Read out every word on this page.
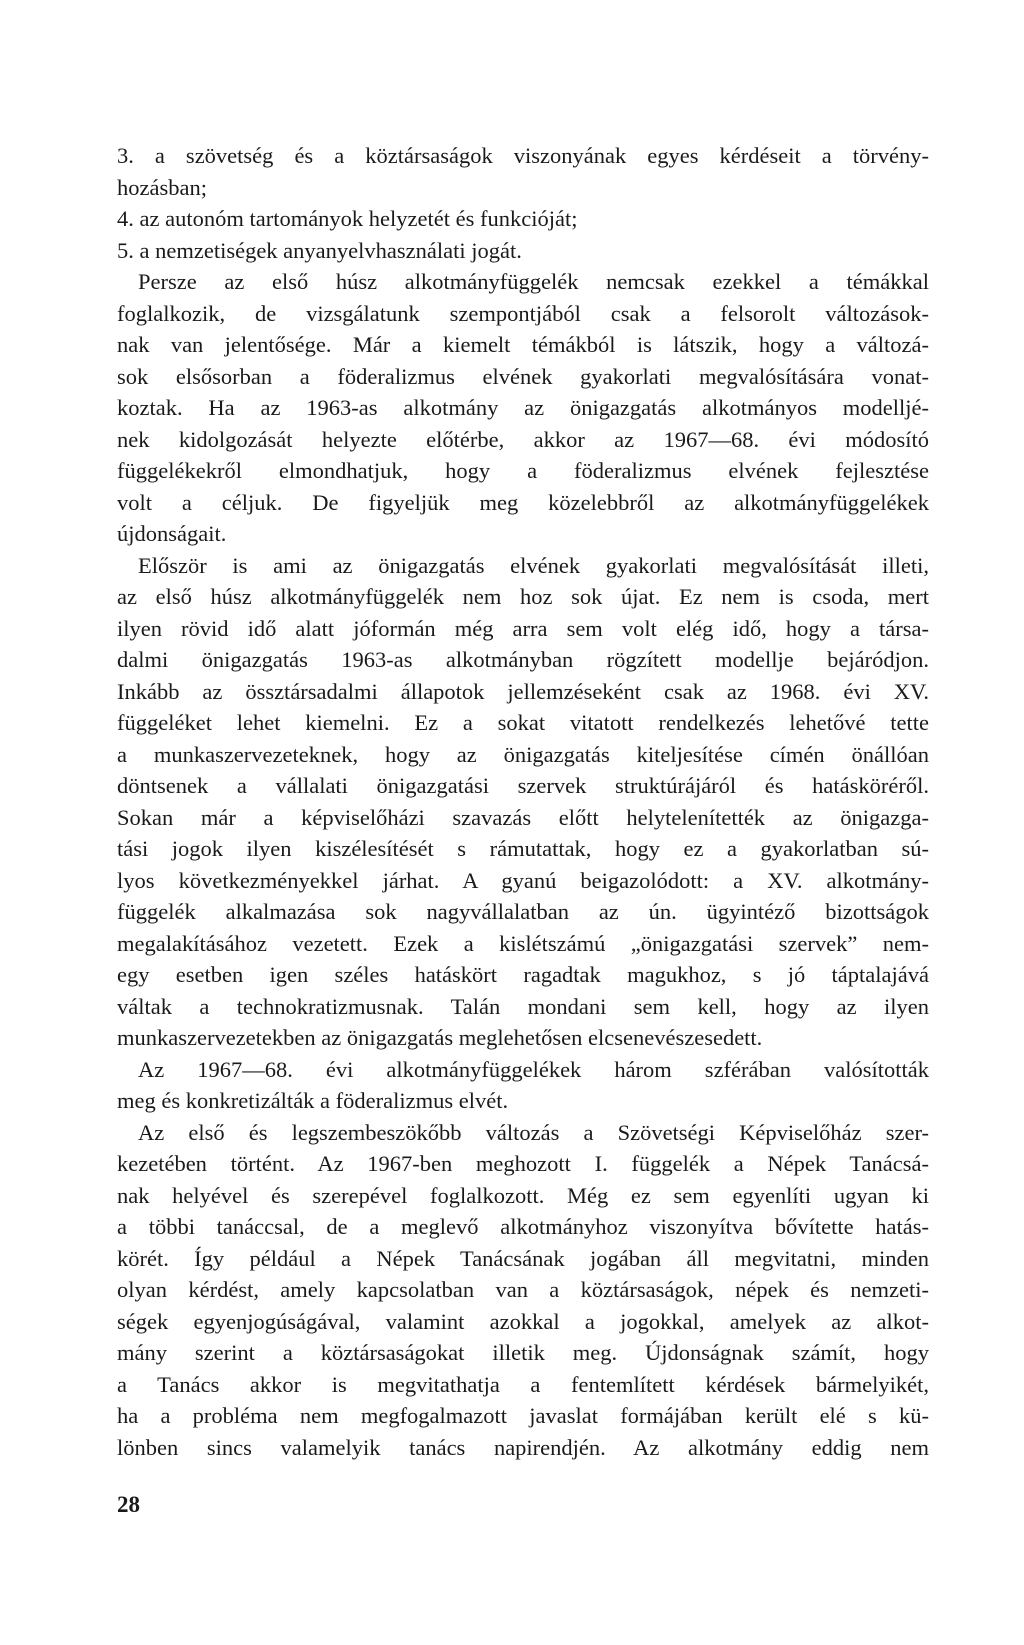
3. a szövetség és a köztársaságok viszonyának egyes kérdéseit a törvény-
hozásban;
4. az autonóm tartományok helyzetét és funkcióját;
5. a nemzetiségek anyanyelvhasználati jogát.
Persze az első húsz alkotmányfüggelék nemcsak ezekkel a témákkal
foglalkozik, de vizsgálatunk szempontjából csak a felsorolt változások-
nak van jelentősége. Már a kiemelt témákból is látszik, hogy a változá-
sok elsősorban a föderalizmus elvének gyakorlati megvalósítására vonat-
koztak. Ha az 1963-as alkotmány az önigazgatás alkotmányos modelljé-
nek kidolgozását helyezte előtérbe, akkor az 1967—68. évi módosító
függelékekről elmondhatjuk, hogy a föderalizmus elvének fejlesztése
volt a céljuk. De figyeljük meg közelebbről az alkotmányfüggelékek
újdonságait.
Először is ami az önigazgatás elvének gyakorlati megvalósítását illeti,
az első húsz alkotmányfüggelék nem hoz sok újat. Ez nem is csoda, mert
ilyen rövid idő alatt jóformán még arra sem volt elég idő, hogy a társa-
dalmi önigazgatás 1963-as alkotmányban rögzített modellje bejáródjon.
Inkább az össztársadalmi állapotok jellemzéseként csak az 1968. évi XV.
függeléket lehet kiemelni. Ez a sokat vitatott rendelkezés lehetővé tette
a munkaszervezeteknek, hogy az önigazgatás kiteljesítése címén önállóan
döntsenek a vállalati önigazgatási szervek struktúrájáról és hatásköréről.
Sokan már a képviselőházi szavazás előtt helytelenítették az önigazga-
tási jogok ilyen kiszélesítését s rámutattak, hogy ez a gyakorlatban sú-
lyos következményekkel járhat. A gyanú beigazolódott: a XV. alkotmány-
függelék alkalmazása sok nagyvállalatban az ún. ügyintéző bizottságok
megalakításához vezetett. Ezek a kislétszámú „önigazgatási szervek” nem-
egy esetben igen széles hatáskört ragadtak magukhoz, s jó táptalajává
váltak a technokratizmusnak. Talán mondani sem kell, hogy az ilyen
munkaszervezetekben az önigazgatás meglehetősen elcsenevészesedett.
Az 1967—68. évi alkotmányfüggelékek három szférában valósították
meg és konkretizálták a föderalizmus elvét.
Az első és legszembeszökőbb változás a Szövetségi Képviselőház szer-
kezetében történt. Az 1967-ben meghozott I. függelék a Népek Tanácsá-
nak helyével és szerepével foglalkozott. Még ez sem egyenlíti ugyan ki
a többi tanáccsal, de a meglevő alkotmányhoz viszonyítva bővítette hatás-
körét. Így például a Népek Tanácsának jogában áll megvitatni, minden
olyan kérdést, amely kapcsolatban van a köztársaságok, népek és nemzeti-
ségek egyenjogúságával, valamint azokkal a jogokkal, amelyek az alkot-
mány szerint a köztársaságokat illetik meg. Újdonságnak számít, hogy
a Tanács akkor is megvitathatja a fentemlített kérdések bármelyikét,
ha a probléma nem megfogalmazott javaslat formájában került elé s kü-
lönben sincs valamelyik tanács napirendjén. Az alkotmány eddig nem
28
